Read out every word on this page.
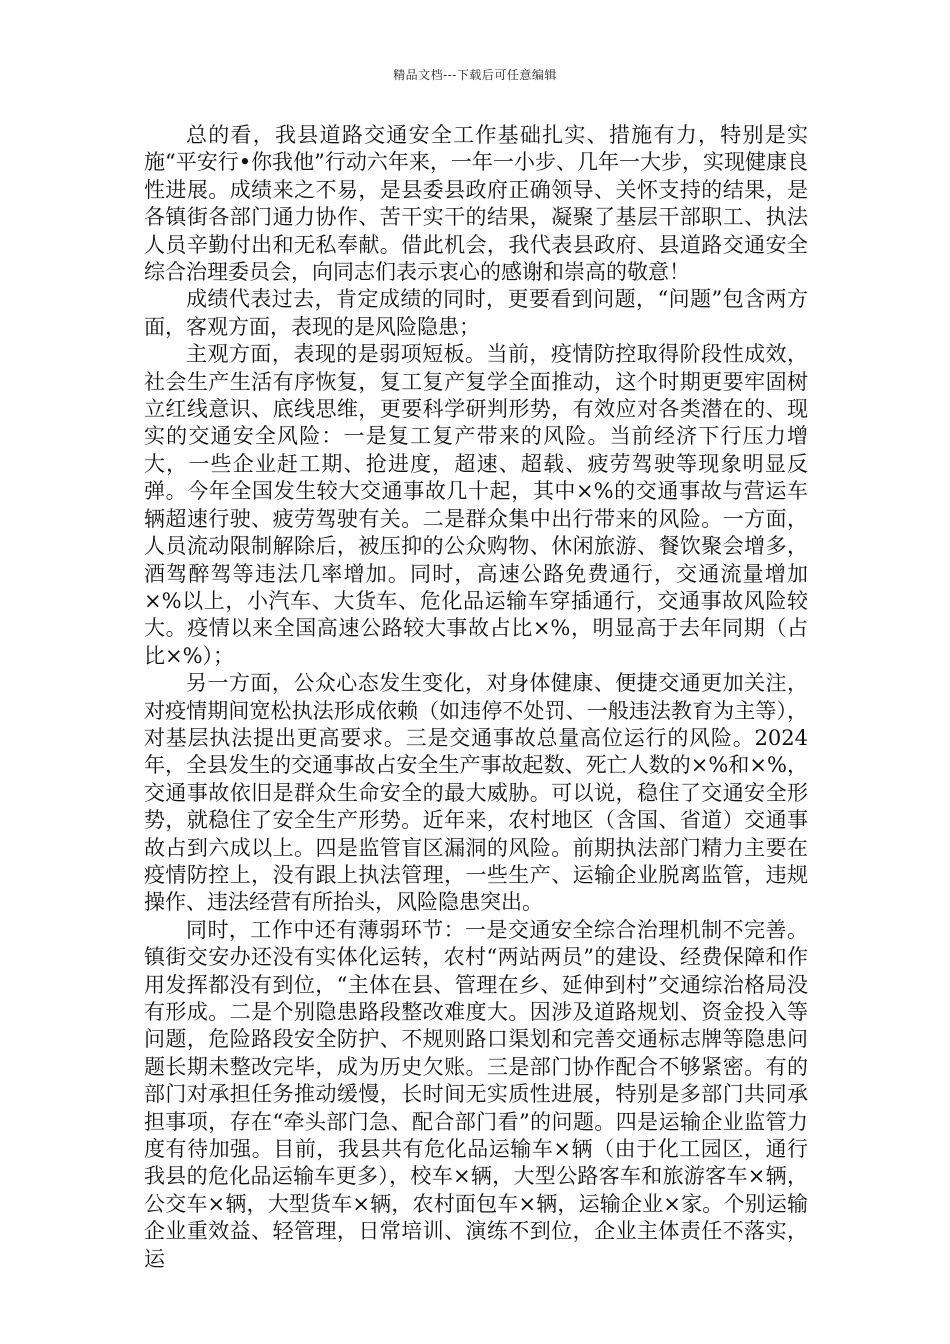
精品文档---下载后可任意编辑

总的看，我县道路交通安全工作基础扎实、措施有力，特别是实施“平安行•你我他”行动六年来，一年一小步、几年一大步，实现健康良性进展。成绩来之不易，是县委县政府正确领导、关怀支持的结果，是各镇街各部门通力协作、苦干实干的结果，凝聚了基层干部职工、执法人员辛勤付出和无私奉献。借此机会，我代表县政府、县道路交通安全综合治理委员会，向同志们表示衷心的感谢和崇高的敬意！

成绩代表过去，肯定成绩的同时，更要看到问题，“问题”包含两方面，客观方面，表现的是风险隐患；

主观方面，表现的是弱项短板。当前，疫情防控取得阶段性成效，社会生产生活有序恢复，复工复产复学全面推动，这个时期更要牢固树立红线意识、底线思维，更要科学研判形势，有效应对各类潜在的、现实的交通安全风险：一是复工复产带来的风险。当前经济下行压力增大，一些企业赶工期、抢进度，超速、超载、疲劳驾驶等现象明显反弹。今年全国发生较大交通事故几十起，其中×%的交通事故与营运车辆超速行驶、疲劳驾驶有关。二是群众集中出行带来的风险。一方面，人员流动限制解除后，被压抑的公众购物、休闲旅游、餐饮聚会增多，酒驾醉驾等违法几率增加。同时，高速公路免费通行，交通流量增加×%以上，小汽车、大货车、危化品运输车穿插通行，交通事故风险较大。疫情以来全国高速公路较大事故占比×%，明显高于去年同期（占比×%）；

另一方面，公众心态发生变化，对身体健康、便捷交通更加关注，对疫情期间宽松执法形成依赖（如违停不处罚、一般违法教育为主等），对基层执法提出更高要求。三是交通事故总量高位运行的风险。2024年，全县发生的交通事故占安全生产事故起数、死亡人数的×%和×%，交通事故依旧是群众生命安全的最大威胁。可以说，稳住了交通安全形势，就稳住了安全生产形势。近年来，农村地区（含国、省道）交通事故占到六成以上。四是监管盲区漏洞的风险。前期执法部门精力主要在疫情防控上，没有跟上执法管理，一些生产、运输企业脱离监管，违规操作、违法经营有所抬头，风险隐患突出。

同时，工作中还有薄弱环节：一是交通安全综合治理机制不完善。镇街交安办还没有实体化运转，农村“两站两员”的建设、经费保障和作用发挥都没有到位，“主体在县、管理在乡、延伸到村”交通综治格局没有形成。二是个别隐患路段整改难度大。因涉及道路规划、资金投入等问题，危险路段安全防护、不规则路口渠划和完善交通标志牌等隐患问题长期未整改完毕，成为历史欠账。三是部门协作配合不够紧密。有的部门对承担任务推动缓慢，长时间无实质性进展，特别是多部门共同承担事项，存在“牵头部门急、配合部门看”的问题。四是运输企业监管力度有待加强。目前，我县共有危化品运输车×辆（由于化工园区，通行我县的危化品运输车更多），校车×辆，大型公路客车和旅游客车×辆，公交车×辆，大型货车×辆，农村面包车×辆，运输企业×家。个别运输企业重效益、轻管理，日常培训、演练不到位，企业主体责任不落实，运
